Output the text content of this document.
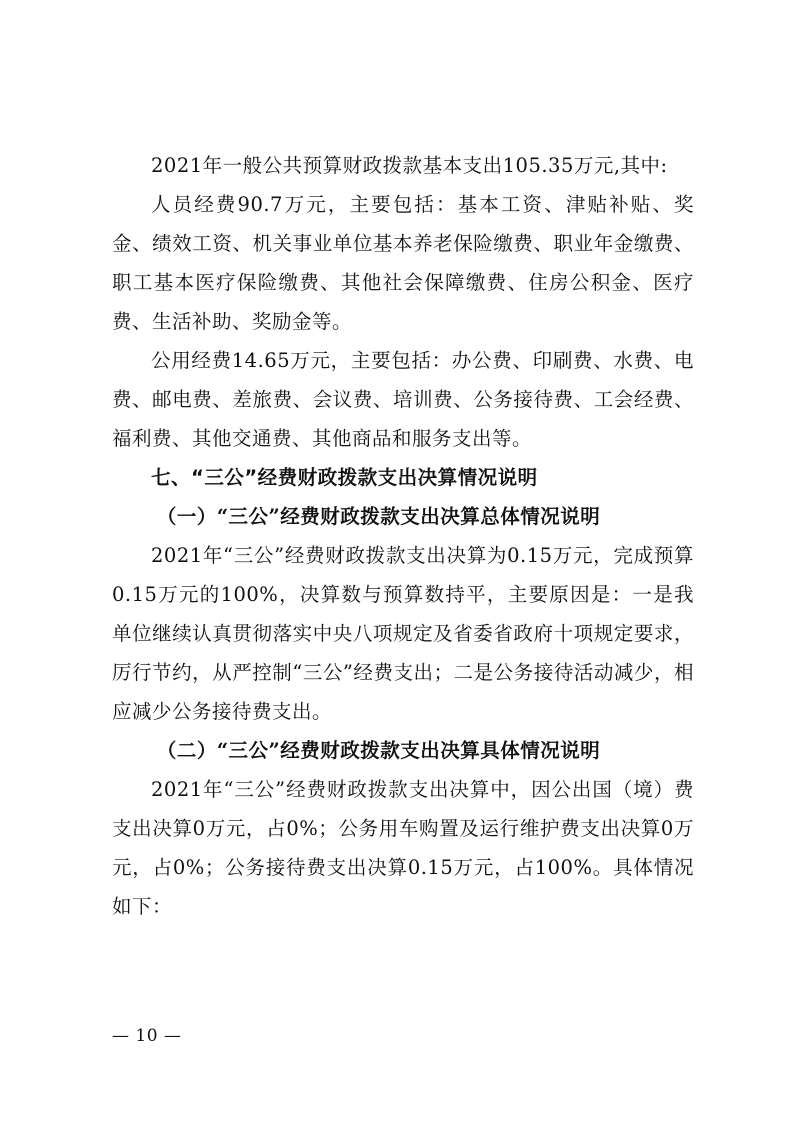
2021年一般公共预算财政拨款基本支出105.35万元,其中:

人员经费90.7万元，主要包括：基本工资、津贴补贴、奖金、绩效工资、机关事业单位基本养老保险缴费、职业年金缴费、职工基本医疗保险缴费、其他社会保障缴费、住房公积金、医疗费、生活补助、奖励金等。

公用经费14.65万元，主要包括：办公费、印刷费、水费、电费、邮电费、差旅费、会议费、培训费、公务接待费、工会经费、福利费、其他交通费、其他商品和服务支出等。

七、“三公”经费财政拨款支出决算情况说明

（一）“三公”经费财政拨款支出决算总体情况说明

2021年“三公”经费财政拨款支出决算为0.15万元，完成预算0.15万元的100%，决算数与预算数持平，主要原因是：一是我单位继续认真贯彻落实中央八项规定及省委省政府十项规定要求，厉行节约，从严控制“三公”经费支出；二是公务接待活动减少，相应减少公务接待费支出。

（二）“三公”经费财政拨款支出决算具体情况说明

2021年“三公”经费财政拨款支出决算中，因公出国（境）费支出决算0万元，占0%；公务用车购置及运行维护费支出决算0万元，占0%；公务接待费支出决算0.15万元，占100%。具体情况如下：

— 10 —
